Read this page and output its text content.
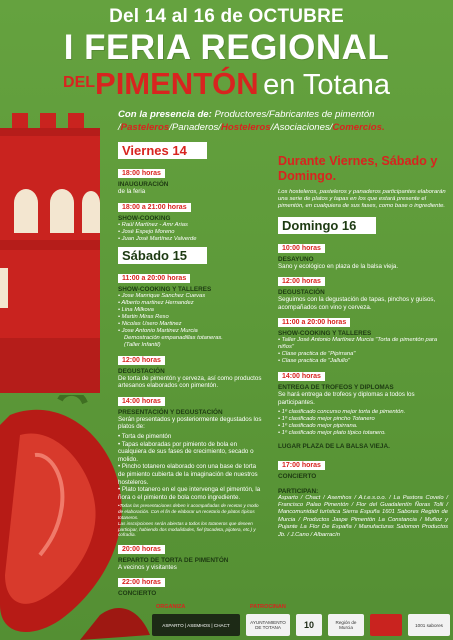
Del 14 al 16 de OCTUBRE
I FERIA REGIONAL
DELPIMENTÓN en Totana
Con la presencia de: Productores/Fabricantes de pimentón
/Pasteleros/Panaderos/Hosteleros/Asociaciones/Comercios.
Viernes 14
18:00 horas
INAUGURACIÓN
de la feria
18:00 a 21:00 horas
SHOW-COOKING
• Raúl Martínez - Amr Arias
• José Espejo Moreno
• Juan José Martínez Valverde
Sábado 15
11:00 a 20:00 horas
SHOW-COOKING Y TALLERES
• Jose Manrique Sanchez Cuevas
• Alberto martinez Hernandez
• Lina Milkova
• Martin Miras Reso
• Nicolas Usero Martinez
• Jose Antonio Martinez Murcia
Demostración empanadillas totaneras.
(Taller Infantil)
12:00 horas
DEGUSTACIÓN
De torta de pimentón y cerveza, así como productos artesanos elaborados con pimentón.
14:00 horas
PRESENTACIÓN Y DEGUSTACIÓN
Serán presentados y posteriormente degustados los platos de:
• Torta de pimentón
• Tapas elaboradas por pimiento de bola en cualquiera de sus fases de crecimiento, secado o molido.
• Pincho totanero elaborado con una base de torta de pimiento cubierta de la imaginación de nuestros hosteleros.
• Plato totanero en el que intervenga el pimentón, la ñora o el pimiento de bola como ingrediente.
•Todas las presentaciones deben ir acompañadas de recetas y modo de elaboración. Con el fin de elaborar un recetario de platos típicos totaneros.
Las inscripciones serán abiertas a todos los totaneros que deseen participar, habiendo dos modalidades, fiel (tocadeta, pijotera, etc.) y cofradía.
20:00 horas
REPARTO DE TORTA DE PIMENTÓN
A vecinos y visitantes
22:00 horas
CONCIERTO
Durante Viernes, Sábado y Domingo.
Los hosteleros, pasteleros y panaderos participantes elaborarán una serie de platos y tapas en los que estará presente el pimentón, en cualquiera de sus fases, como base o ingrediente.
Domingo 16
10:00 horas
DESAYUNO
Sano y ecológico en plaza de la balsa vieja.
12:00 horas
DEGUSTACIÓN
Seguimos con la degustación de tapas, pinchos y guisos, acompañados con vino y cerveza.
11:00 a 20:00 horas
SHOW-COOKING Y TALLERES
• Taller José Antonio Martínez Murcia "Torta de pimentón para niños"
• Clase practica de "Pipirrana"
• Clase practica de "Jallullo"
14:00 horas
ENTREGA DE TROFEOS Y DIPLOMAS
Se hará entrega de trofeos y diplomas a todos los participantes.
• 1º clasificado concurso mejor torta de pimentón.
• 1º clasificado mejor pincho Totanero
• 1º clasificado mejor pipirrana.
• 1º clasificado mejor plato típico totanero.
LUGAR PLAZA DE LA BALSA VIEJA.
17:00 horas
CONCIERTO
PARTICIPAN:
Asparto / Chact / Asemhos / A.t.e.s.o.o. / La Pastora Covelo / Francisco Palao Pimentón / Flor del Guadalentín Ñoras Tolli / Mancomunidad turística Sierra Espuña 1601 Sabores Región de Murcia / Productos Jaspe Pimentón La Constancia / Muñoz y Pujante La Flor De España / Manufacturas Salomon Productos Jb. / J.Cano / Albarracín
ORGANIZA	PATROCINAN
ASPARTO | ASEMHOS | CHACT	AYUNTAMIENTO DE TOTANA	10	Región de Murcia	1001 sabores
